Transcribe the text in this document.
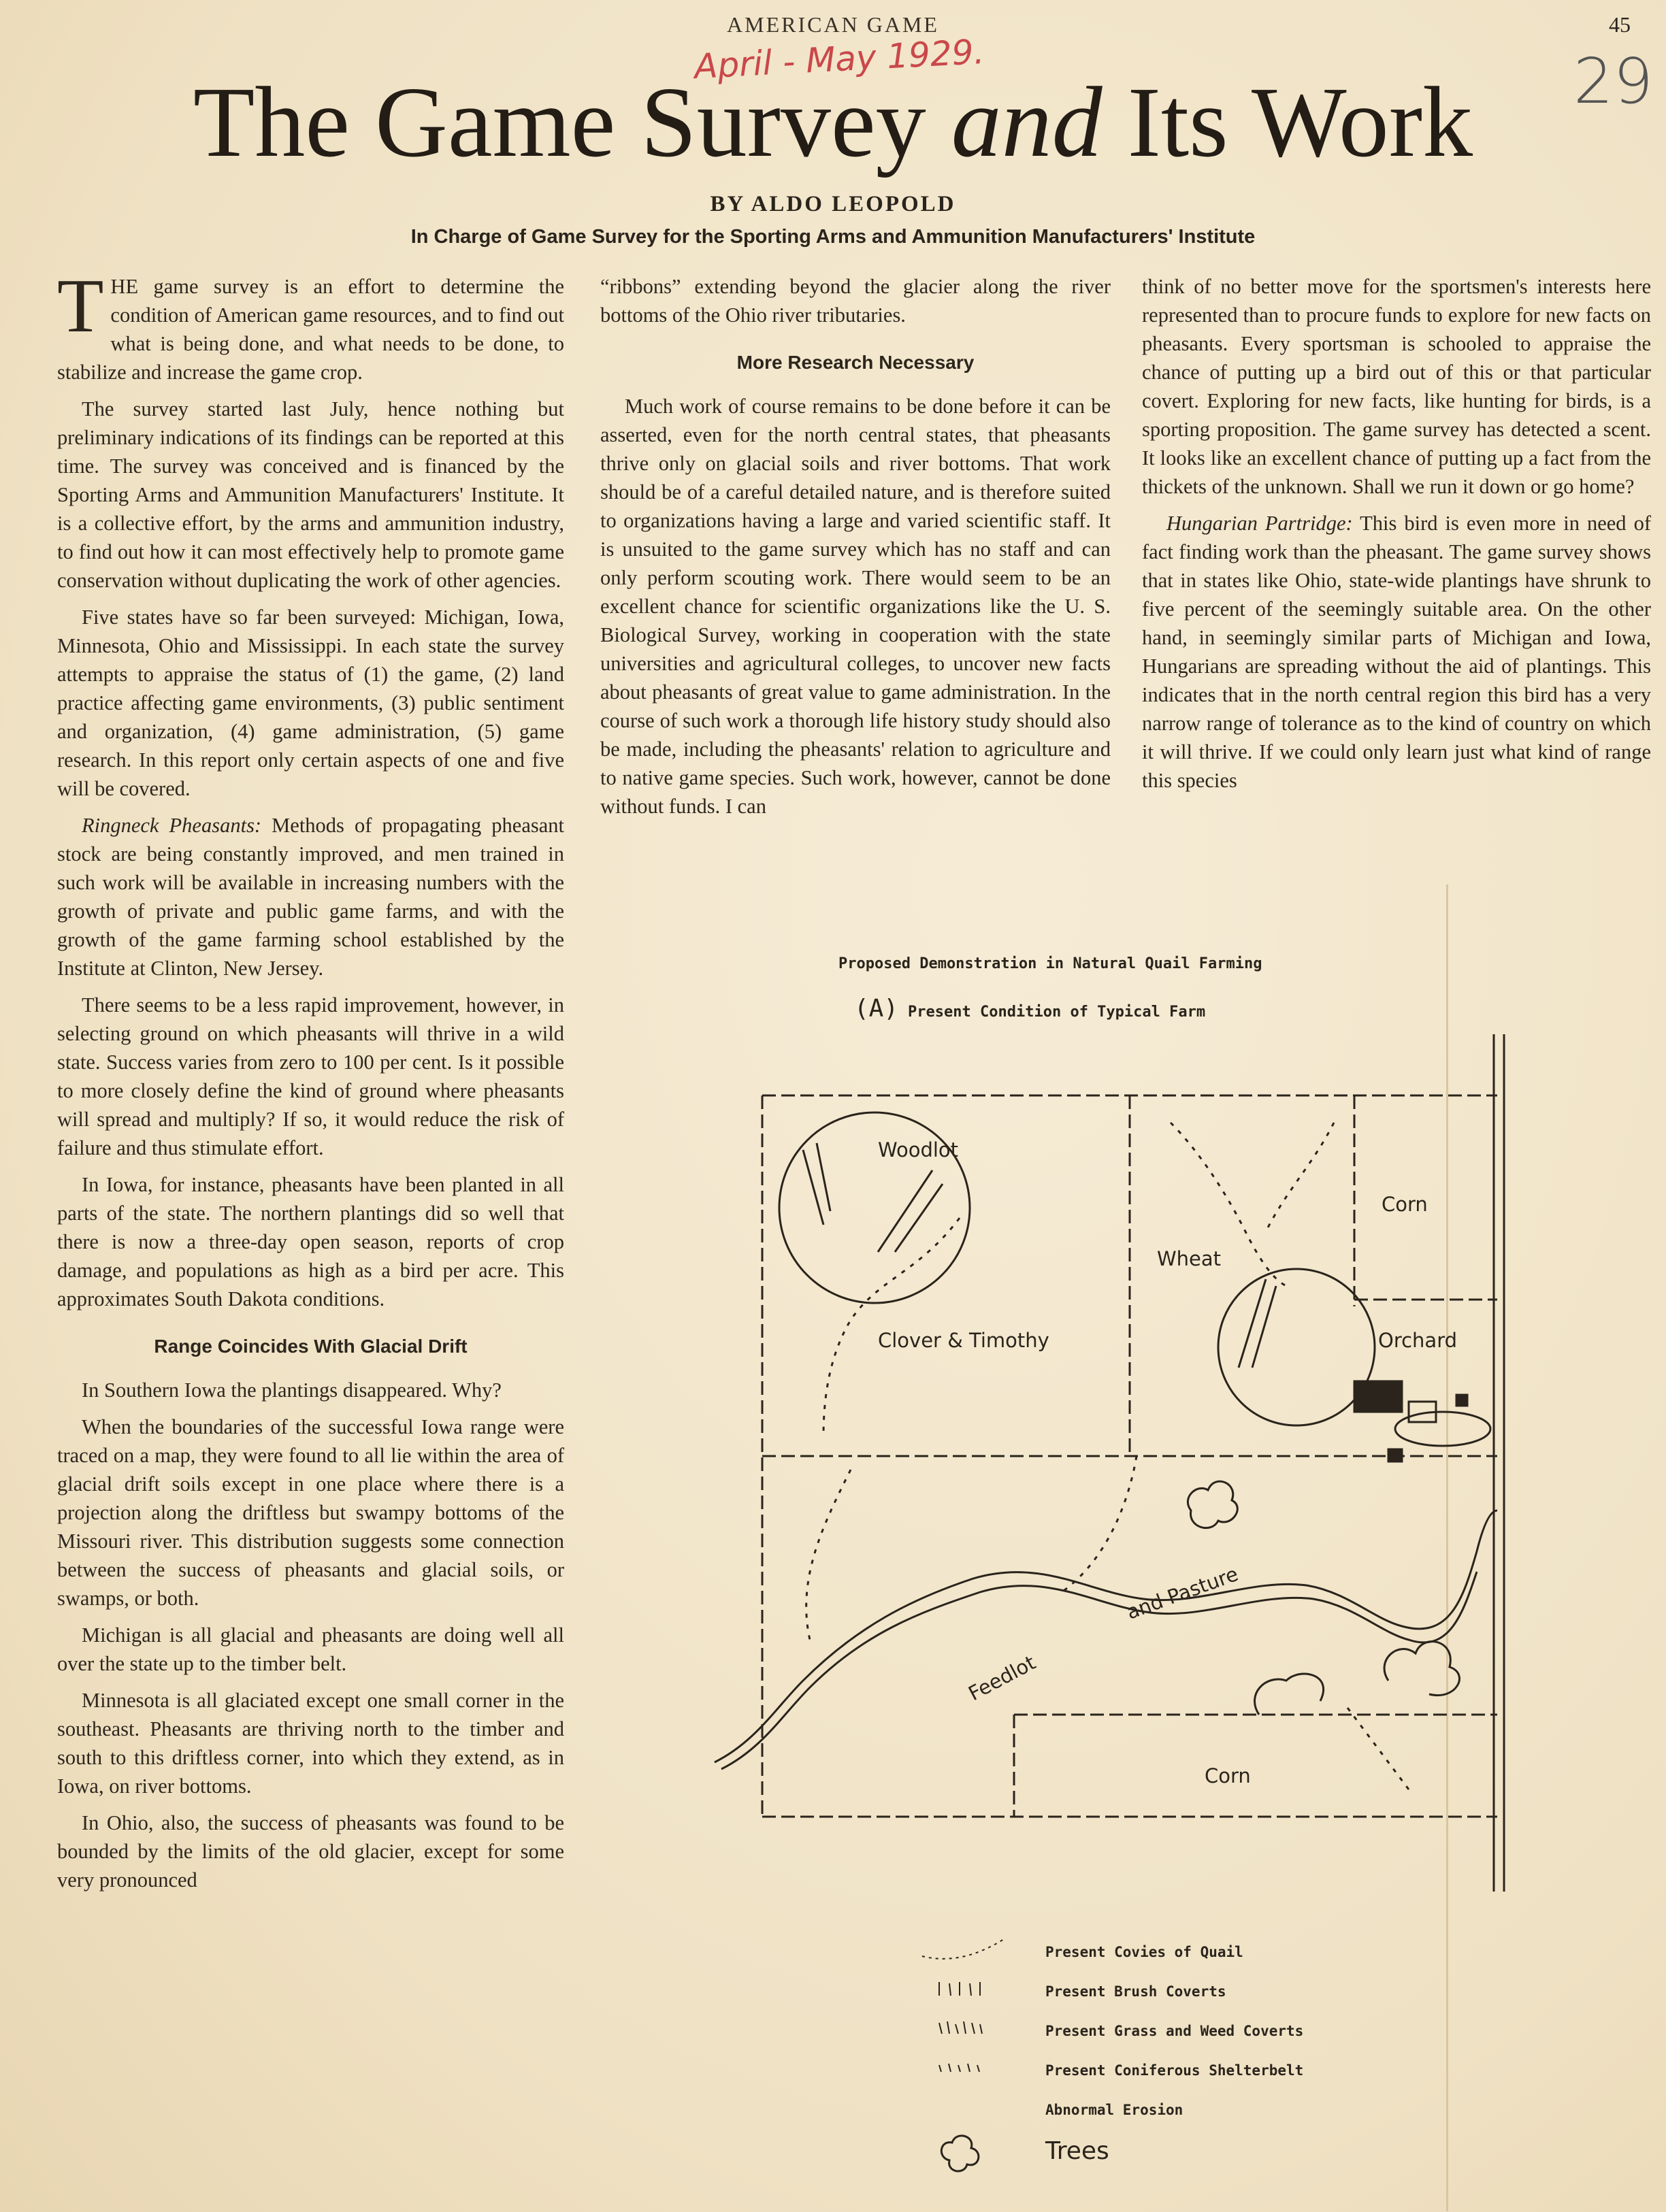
AMERICAN GAME	45
April - May 1929.	29
The Game Survey and Its Work
BY ALDO LEOPOLD
In Charge of Game Survey for the Sporting Arms and Ammunition Manufacturers' Institute

THE game survey is an effort to determine the condition of American game resources, and to find out what is being done, and what needs to be done, to stabilize and increase the game crop.

The survey started last July, hence nothing but preliminary indications of its findings can be reported at this time. The survey was conceived and is financed by the Sporting Arms and Ammunition Manufacturers' Institute. It is a collective effort, by the arms and ammunition industry, to find out how it can most effectively help to promote game conservation without duplicating the work of other agencies.

Five states have so far been surveyed: Michigan, Iowa, Minnesota, Ohio and Mississippi. In each state the survey attempts to appraise the status of (1) the game, (2) land practice affecting game environments, (3) public sentiment and organization, (4) game administration, (5) game research. In this report only certain aspects of one and five will be covered.

Ringneck Pheasants: Methods of propagating pheasant stock are being constantly improved, and men trained in such work will be available in increasing numbers with the growth of private and public game farms, and with the growth of the game farming school established by the Institute at Clinton, New Jersey.

There seems to be a less rapid improvement, however, in selecting ground on which pheasants will thrive in a wild state. Success varies from zero to 100 per cent. Is it possible to more closely define the kind of ground where pheasants will spread and multiply? If so, it would reduce the risk of failure and thus stimulate effort.

In Iowa, for instance, pheasants have been planted in all parts of the state. The northern plantings did so well that there is now a three-day open season, reports of crop damage, and populations as high as a bird per acre. This approximates South Dakota conditions.

Range Coincides With Glacial Drift

In Southern Iowa the plantings disappeared. Why?

When the boundaries of the successful Iowa range were traced on a map, they were found to all lie within the area of glacial drift soils except in one place where there is a projection along the driftless but swampy bottoms of the Missouri river. This distribution suggests some connection between the success of pheasants and glacial soils, or swamps, or both.

Michigan is all glacial and pheasants are doing well all over the state up to the timber belt.

Minnesota is all glaciated except one small corner in the southeast. Pheasants are thriving north to the timber and south to this driftless corner, into which they extend, as in Iowa, on river bottoms.

In Ohio, also, the success of pheasants was found to be bounded by the limits of the old glacier, except for some very pronounced

“ribbons” extending beyond the glacier along the river bottoms of the Ohio river tributaries.

More Research Necessary

Much work of course remains to be done before it can be asserted, even for the north central states, that pheasants thrive only on glacial soils and river bottoms. That work should be of a careful detailed nature, and is therefore suited to organizations having a large and varied scientific staff. It is unsuited to the game survey which has no staff and can only perform scouting work. There would seem to be an excellent chance for scientific organizations like the U. S. Biological Survey, working in cooperation with the state universities and agricultural colleges, to uncover new facts about pheasants of great value to game administration. In the course of such work a thorough life history study should also be made, including the pheasants' relation to agriculture and to native game species. Such work, however, cannot be done without funds. I can

think of no better move for the sportsmen's interests here represented than to procure funds to explore for new facts on pheasants. Every sportsman is schooled to appraise the chance of putting up a bird out of this or that particular covert. Exploring for new facts, like hunting for birds, is a sporting proposition. The game survey has detected a scent. It looks like an excellent chance of putting up a fact from the thickets of the unknown. Shall we run it down or go home?

Hungarian Partridge: This bird is even more in need of fact finding work than the pheasant. The game survey shows that in states like Ohio, state-wide plantings have shrunk to five percent of the seemingly suitable area. On the other hand, in seemingly similar parts of Michigan and Iowa, Hungarians are spreading without the aid of plantings. This indicates that in the north central region this bird has a very narrow range of tolerance as to the kind of country on which it will thrive. If we could only learn just what kind of range this species

Proposed Demonstration in Natural Quail Farming
(A) Present Condition of Typical Farm
Woodlot
Wheat
Corn
Orchard
Clover & Timothy
and Pasture
Feedlot
Corn
Present Covies of Quail
Present Brush Coverts
Present Grass and Weed Coverts
Present Coniferous Shelterbelt
Abnormal Erosion
Trees
